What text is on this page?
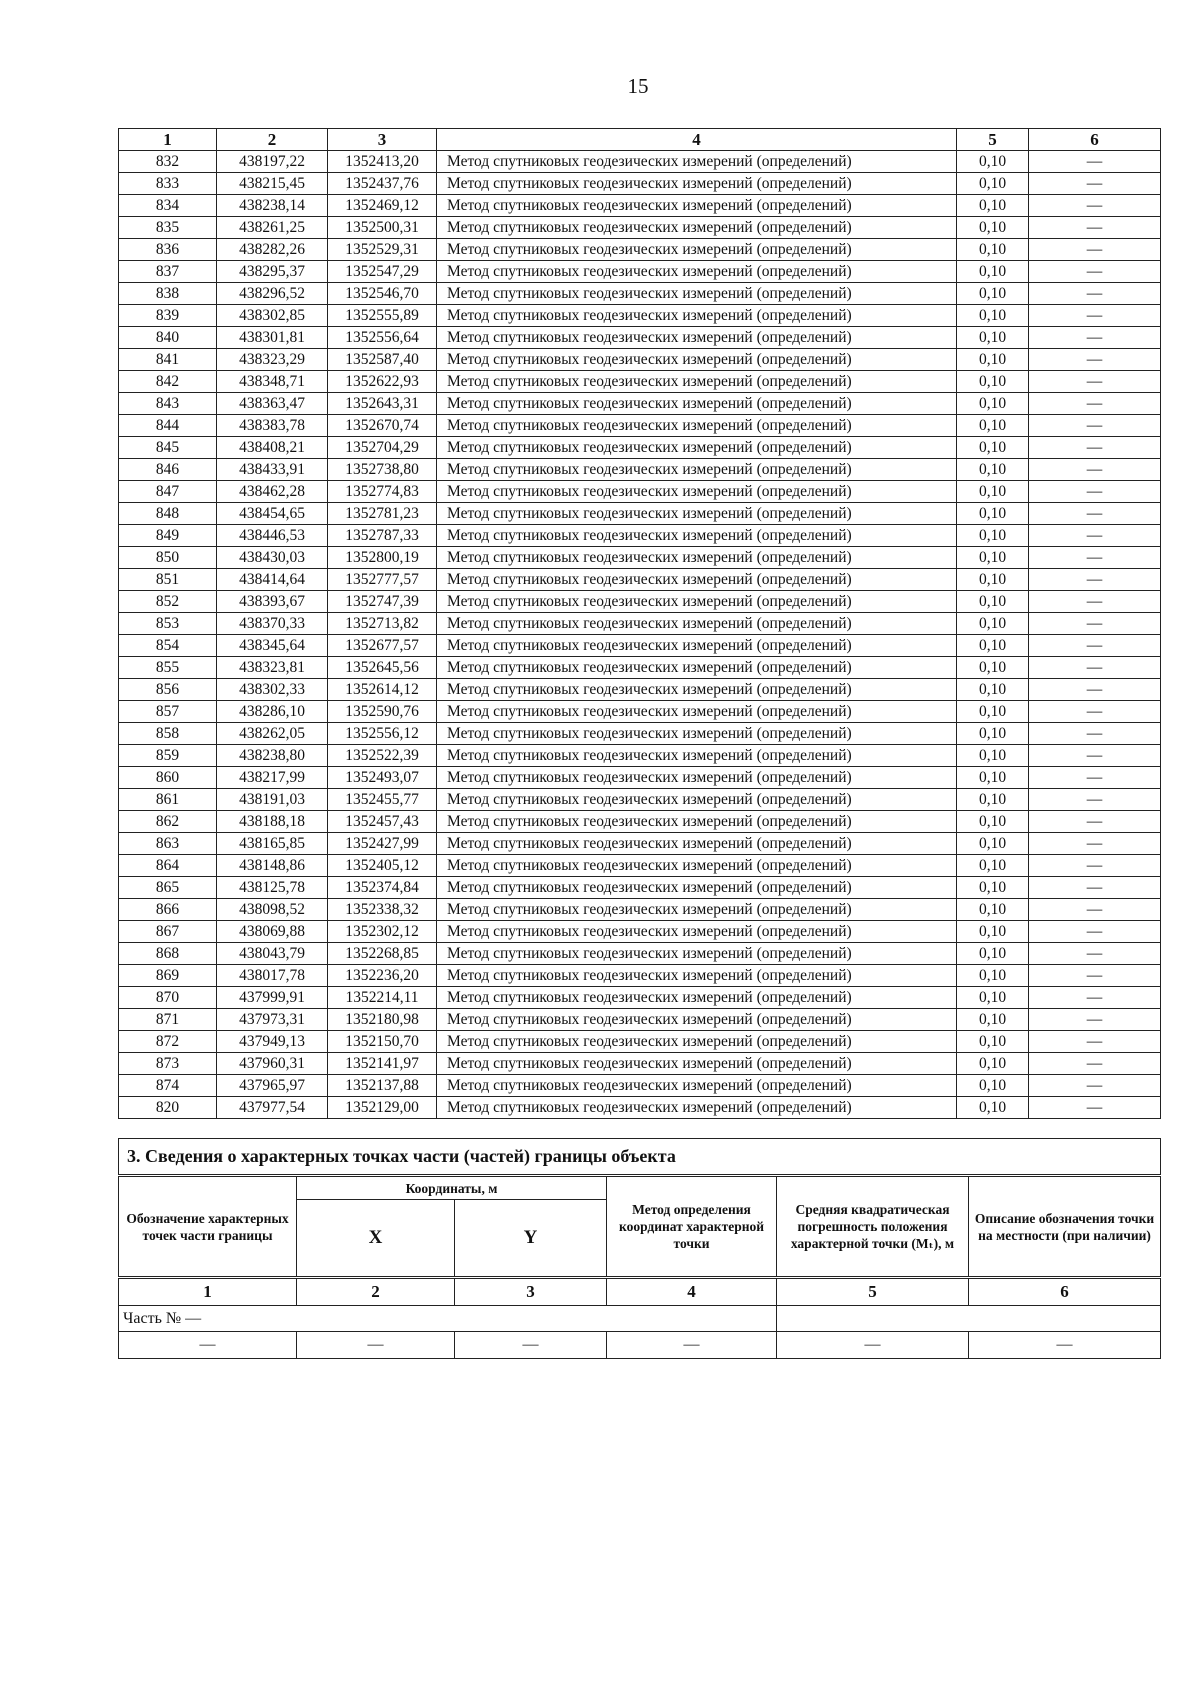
15
1	2	3	4	5	6
832	438197,22	1352413,20	Метод спутниковых геодезических измерений (определений)	0,10	—
833	438215,45	1352437,76	Метод спутниковых геодезических измерений (определений)	0,10	—
834	438238,14	1352469,12	Метод спутниковых геодезических измерений (определений)	0,10	—
835	438261,25	1352500,31	Метод спутниковых геодезических измерений (определений)	0,10	—
836	438282,26	1352529,31	Метод спутниковых геодезических измерений (определений)	0,10	—
837	438295,37	1352547,29	Метод спутниковых геодезических измерений (определений)	0,10	—
838	438296,52	1352546,70	Метод спутниковых геодезических измерений (определений)	0,10	—
839	438302,85	1352555,89	Метод спутниковых геодезических измерений (определений)	0,10	—
840	438301,81	1352556,64	Метод спутниковых геодезических измерений (определений)	0,10	—
841	438323,29	1352587,40	Метод спутниковых геодезических измерений (определений)	0,10	—
842	438348,71	1352622,93	Метод спутниковых геодезических измерений (определений)	0,10	—
843	438363,47	1352643,31	Метод спутниковых геодезических измерений (определений)	0,10	—
844	438383,78	1352670,74	Метод спутниковых геодезических измерений (определений)	0,10	—
845	438408,21	1352704,29	Метод спутниковых геодезических измерений (определений)	0,10	—
846	438433,91	1352738,80	Метод спутниковых геодезических измерений (определений)	0,10	—
847	438462,28	1352774,83	Метод спутниковых геодезических измерений (определений)	0,10	—
848	438454,65	1352781,23	Метод спутниковых геодезических измерений (определений)	0,10	—
849	438446,53	1352787,33	Метод спутниковых геодезических измерений (определений)	0,10	—
850	438430,03	1352800,19	Метод спутниковых геодезических измерений (определений)	0,10	—
851	438414,64	1352777,57	Метод спутниковых геодезических измерений (определений)	0,10	—
852	438393,67	1352747,39	Метод спутниковых геодезических измерений (определений)	0,10	—
853	438370,33	1352713,82	Метод спутниковых геодезических измерений (определений)	0,10	—
854	438345,64	1352677,57	Метод спутниковых геодезических измерений (определений)	0,10	—
855	438323,81	1352645,56	Метод спутниковых геодезических измерений (определений)	0,10	—
856	438302,33	1352614,12	Метод спутниковых геодезических измерений (определений)	0,10	—
857	438286,10	1352590,76	Метод спутниковых геодезических измерений (определений)	0,10	—
858	438262,05	1352556,12	Метод спутниковых геодезических измерений (определений)	0,10	—
859	438238,80	1352522,39	Метод спутниковых геодезических измерений (определений)	0,10	—
860	438217,99	1352493,07	Метод спутниковых геодезических измерений (определений)	0,10	—
861	438191,03	1352455,77	Метод спутниковых геодезических измерений (определений)	0,10	—
862	438188,18	1352457,43	Метод спутниковых геодезических измерений (определений)	0,10	—
863	438165,85	1352427,99	Метод спутниковых геодезических измерений (определений)	0,10	—
864	438148,86	1352405,12	Метод спутниковых геодезических измерений (определений)	0,10	—
865	438125,78	1352374,84	Метод спутниковых геодезических измерений (определений)	0,10	—
866	438098,52	1352338,32	Метод спутниковых геодезических измерений (определений)	0,10	—
867	438069,88	1352302,12	Метод спутниковых геодезических измерений (определений)	0,10	—
868	438043,79	1352268,85	Метод спутниковых геодезических измерений (определений)	0,10	—
869	438017,78	1352236,20	Метод спутниковых геодезических измерений (определений)	0,10	—
870	437999,91	1352214,11	Метод спутниковых геодезических измерений (определений)	0,10	—
871	437973,31	1352180,98	Метод спутниковых геодезических измерений (определений)	0,10	—
872	437949,13	1352150,70	Метод спутниковых геодезических измерений (определений)	0,10	—
873	437960,31	1352141,97	Метод спутниковых геодезических измерений (определений)	0,10	—
874	437965,97	1352137,88	Метод спутниковых геодезических измерений (определений)	0,10	—
820	437977,54	1352129,00	Метод спутниковых геодезических измерений (определений)	0,10	—
3. Сведения о характерных точках части (частей) границы объекта					
Обозначение характерных точек части границы	Координаты, м		Метод определения координат характерной точки	Средняя квадратическая погрешность положения характерной точки (Mₜ), м	Описание обозначения точки на местности (при наличии)
	X	Y			
1	2	3	4	5	6
Часть № —					
—	—	—	—	—	—
